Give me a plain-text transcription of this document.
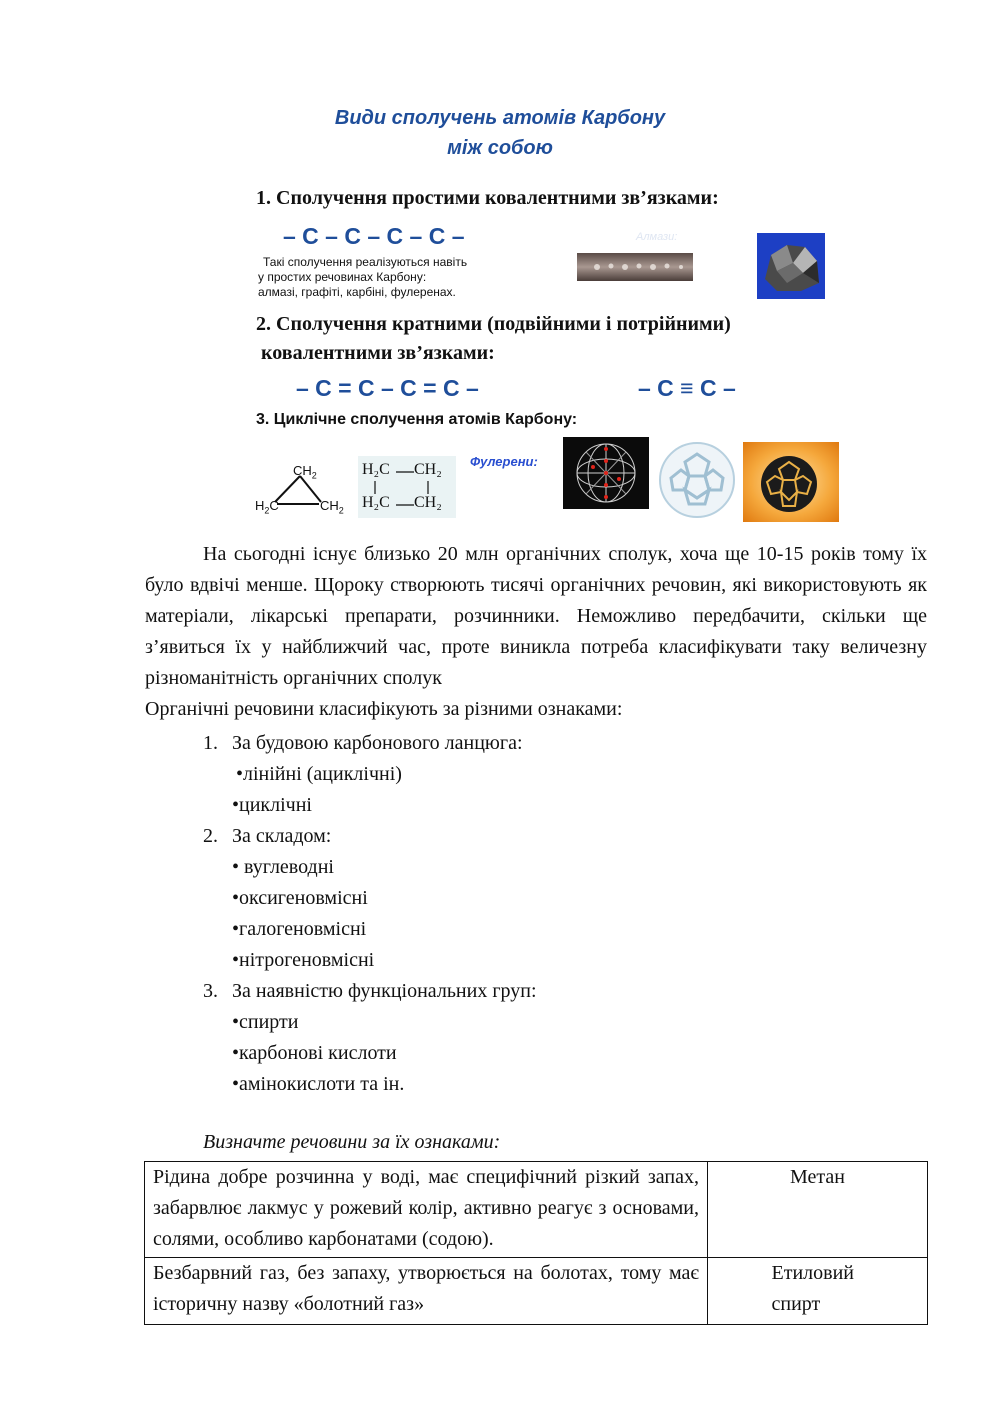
Види сполучень атомів Карбону
між собою
1. Сполучення простими ковалентними зв’язками:
– С – С – С – С –
Такі сполучення реалізуються навіть
у простих речовинах Карбону:
алмазі, графіті, карбіні, фулеренах.
Алмази:
2. Сполучення кратними (подвійними і потрійними)
ковалентними зв’язками:
– С = С – С = С –	– С ≡ С –
3. Циклічне сполучення атомів Карбону:
$CH_2$
$H_2C$	$CH_2$
H₂C CH₂
H₂C CH₂
Фулерени:

На сьогодні існує близько 20 млн органічних сполук, хоча ще 10-15 років тому їх було вдвічі менше. Щороку створюють тисячі органічних речовин, які використовують як матеріали, лікарські препарати, розчинники. Неможливо передбачити, скільки ще з’явиться їх у найближчий час, проте виникла потреба класифікувати таку величезну різноманітність органічних сполук

Органічні речовини класифікують за різними ознаками:

1. За будовою карбонового ланцюга:
•лінійні (ациклічні)
•циклічні
2. За складом:
• вуглеводні
•оксигеновмісні
•галогеновмісні
•нітрогеновмісні
3. За наявністю функціональних груп:
•спирти
•карбонові кислоти
•амінокислоти та ін.
Визначте речовини за їх ознаками:
Рідина добре розчинна у воді, має специфічний різкий запах, забарвлює лакмус у рожевий колір, активно реагує з основами, солями, особливо карбонатами (содою).	Метан
Безбарвний газ, без запаху, утворюється на болотах, тому має історичну назву «болотний газ»	Етиловий спирт
